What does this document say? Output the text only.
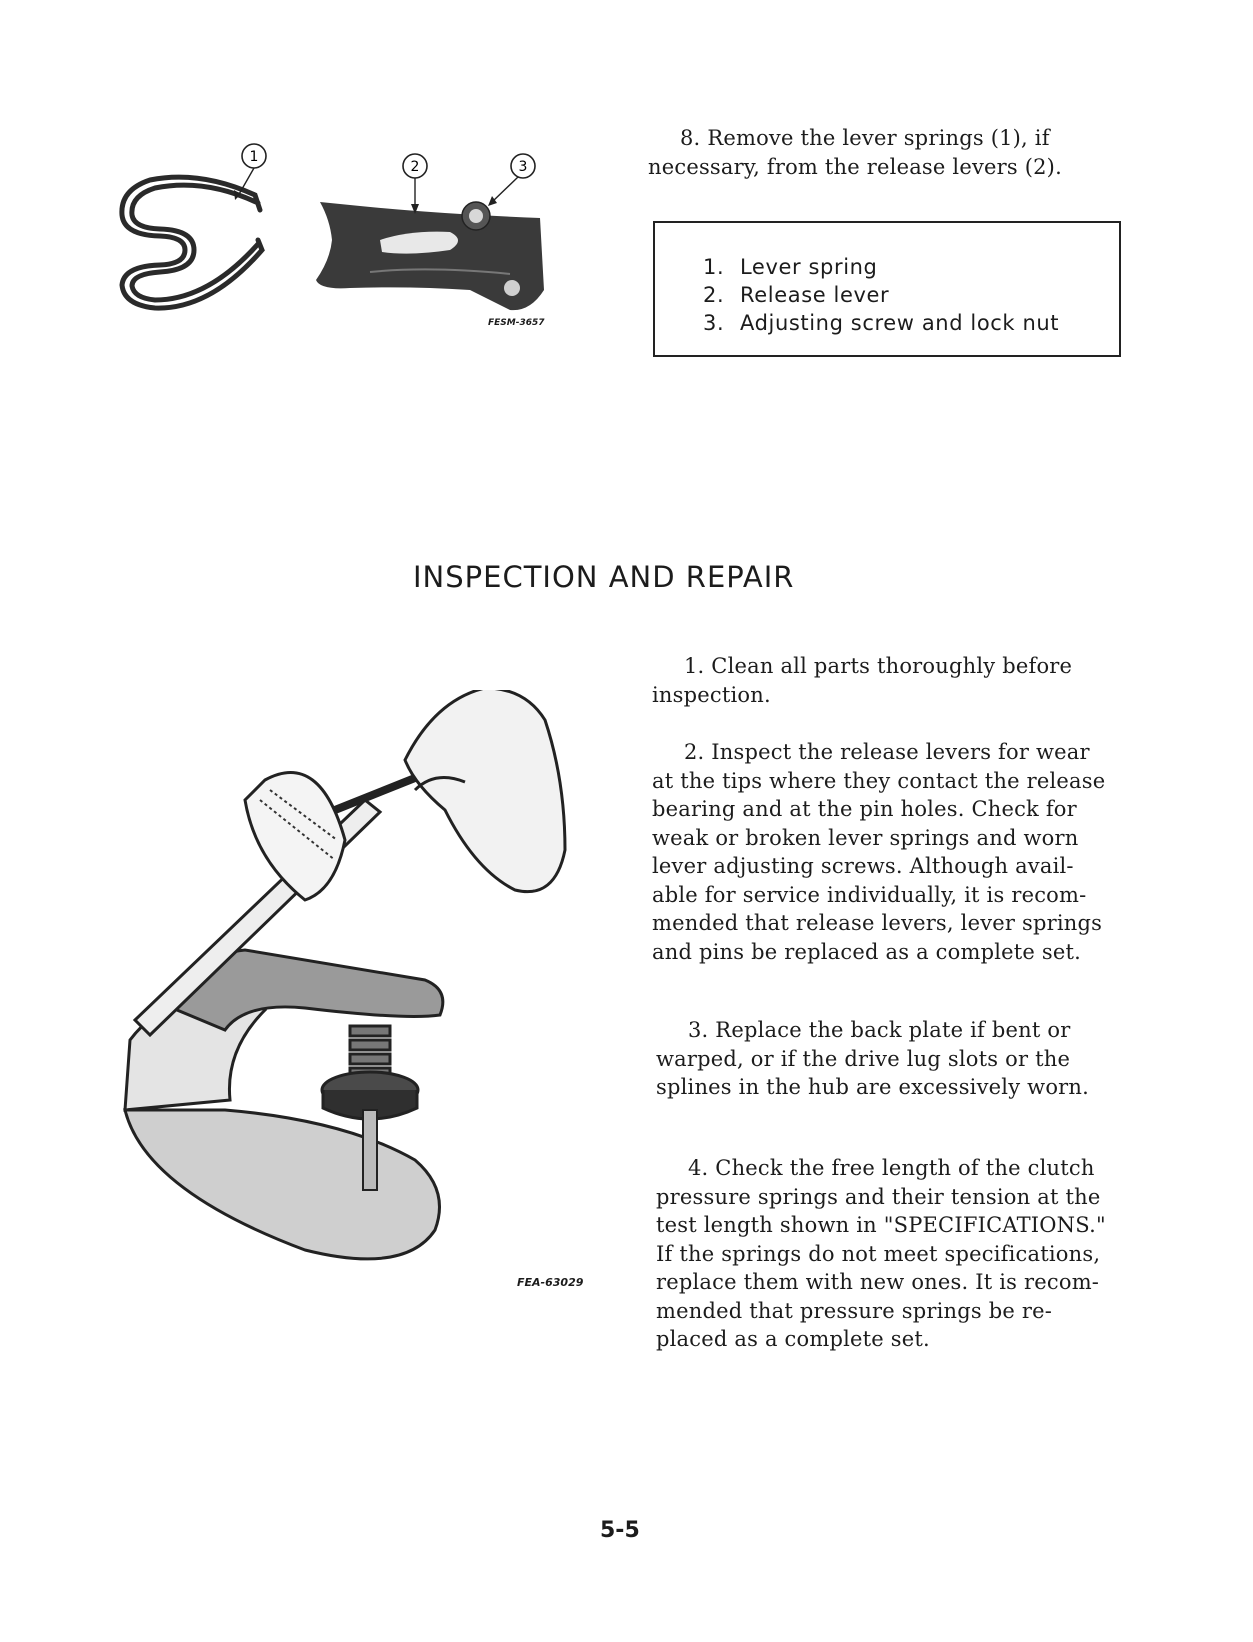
8. Remove the lever springs (1), if
necessary, from the release levers (2).
1
2	3
FESM-3657
1. Lever spring
2. Release lever
3. Adjusting screw and lock nut
INSPECTION AND REPAIR
FEA-63029
1. Clean all parts thoroughly before
inspection.
2. Inspect the release levers for wear
at the tips where they contact the release
bearing and at the pin holes. Check for
weak or broken lever springs and worn
lever adjusting screws. Although avail-
able for service individually, it is recom-
mended that release levers, lever springs
and pins be replaced as a complete set.
3. Replace the back plate if bent or
warped, or if the drive lug slots or the
splines in the hub are excessively worn.
4. Check the free length of the clutch
pressure springs and their tension at the
test length shown in "SPECIFICATIONS."
If the springs do not meet specifications,
replace them with new ones. It is recom-
mended that pressure springs be re-
placed as a complete set.
5-5
